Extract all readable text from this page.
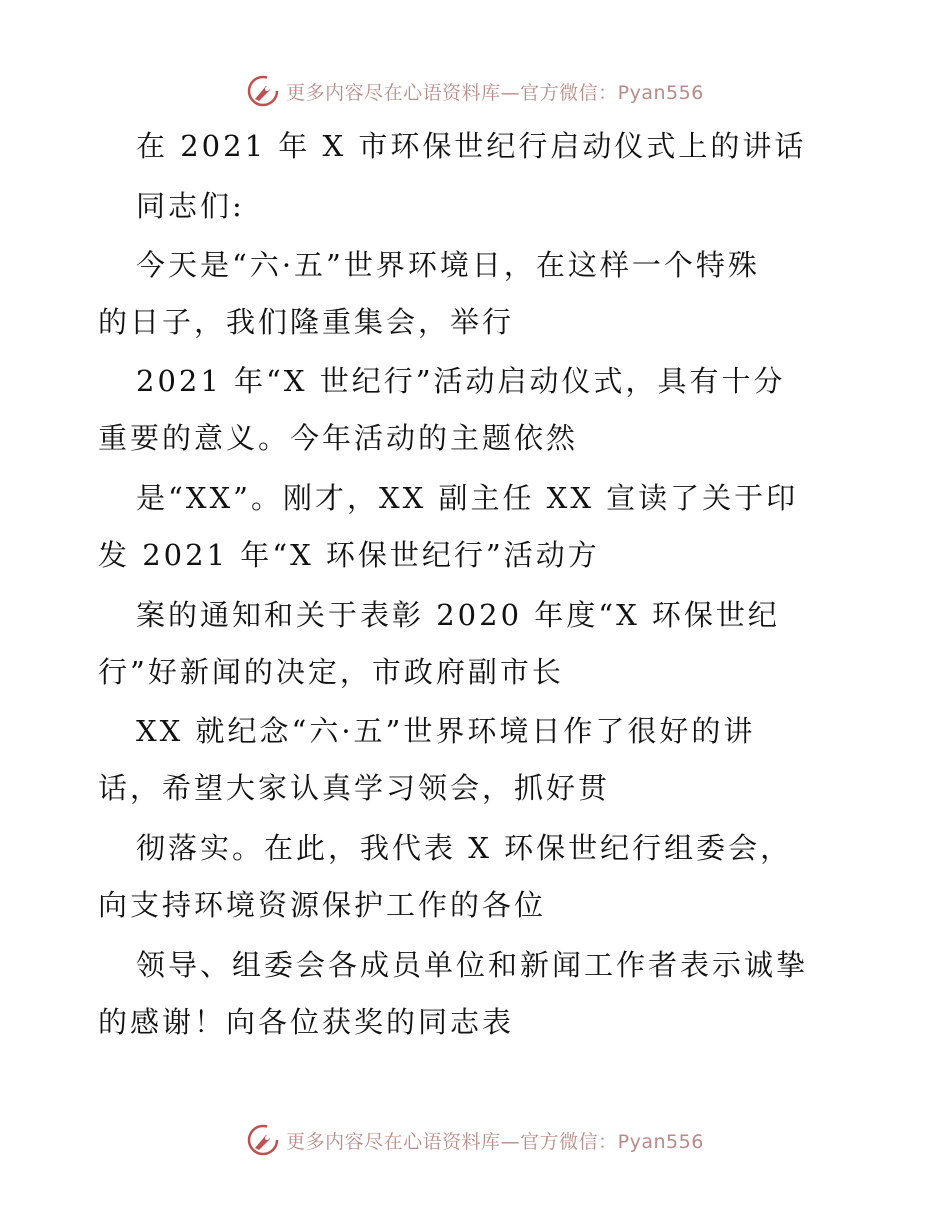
更多内容尽在心语资料库—官方微信：Pyan556
在 2021 年 X 市环保世纪行启动仪式上的讲话
同志们:
今天是“六·五”世界环境日，在这样一个特殊
的日子，我们隆重集会，举行
2021 年“X 世纪行”活动启动仪式，具有十分
重要的意义。今年活动的主题依然
是“XX”。刚才，XX 副主任 XX 宣读了关于印
发 2021 年“X 环保世纪行”活动方
案的通知和关于表彰 2020 年度“X 环保世纪
行”好新闻的决定，市政府副市长
XX 就纪念“六·五”世界环境日作了很好的讲
话，希望大家认真学习领会，抓好贯
彻落实。在此，我代表 X 环保世纪行组委会，
向支持环境资源保护工作的各位
领导、组委会各成员单位和新闻工作者表示诚挚
的感谢！向各位获奖的同志表
更多内容尽在心语资料库—官方微信：Pyan556
